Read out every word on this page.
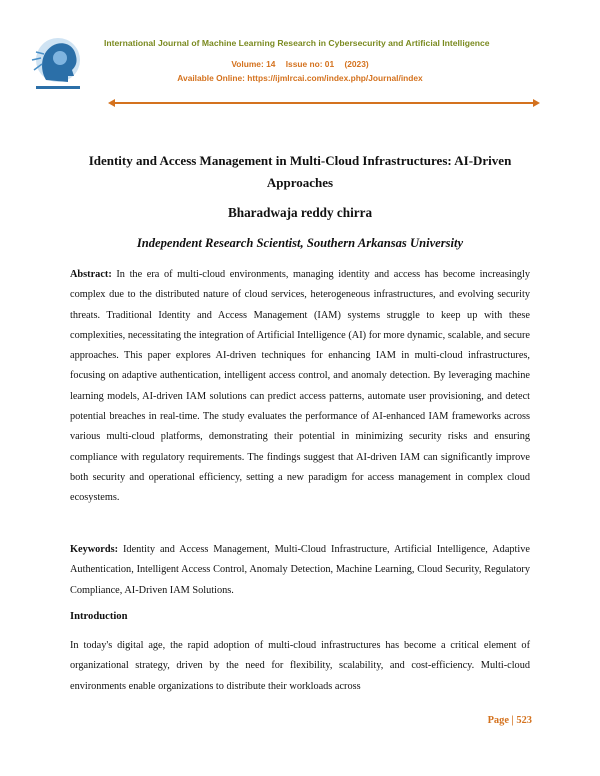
International Journal of Machine Learning Research in Cybersecurity and Artificial Intelligence
Volume: 14 Issue no: 01 (2023)
Available Online: https://ijmlrcai.com/index.php/Journal/index
Identity and Access Management in Multi-Cloud Infrastructures: AI-Driven Approaches
Bharadwaja reddy chirra
Independent Research Scientist, Southern Arkansas University

Abstract: In the era of multi-cloud environments, managing identity and access has become increasingly complex due to the distributed nature of cloud services, heterogeneous infrastructures, and evolving security threats. Traditional Identity and Access Management (IAM) systems struggle to keep up with these complexities, necessitating the integration of Artificial Intelligence (AI) for more dynamic, scalable, and secure approaches. This paper explores AI-driven techniques for enhancing IAM in multi-cloud infrastructures, focusing on adaptive authentication, intelligent access control, and anomaly detection. By leveraging machine learning models, AI-driven IAM solutions can predict access patterns, automate user provisioning, and detect potential breaches in real-time. The study evaluates the performance of AI-enhanced IAM frameworks across various multi-cloud platforms, demonstrating their potential in minimizing security risks and ensuring compliance with regulatory requirements. The findings suggest that AI-driven IAM can significantly improve both security and operational efficiency, setting a new paradigm for access management in complex cloud ecosystems.

Keywords: Identity and Access Management, Multi-Cloud Infrastructure, Artificial Intelligence, Adaptive Authentication, Intelligent Access Control, Anomaly Detection, Machine Learning, Cloud Security, Regulatory Compliance, AI-Driven IAM Solutions.

Introduction

In today's digital age, the rapid adoption of multi-cloud infrastructures has become a critical element of organizational strategy, driven by the need for flexibility, scalability, and cost-efficiency. Multi-cloud environments enable organizations to distribute their workloads across

Page | 523
